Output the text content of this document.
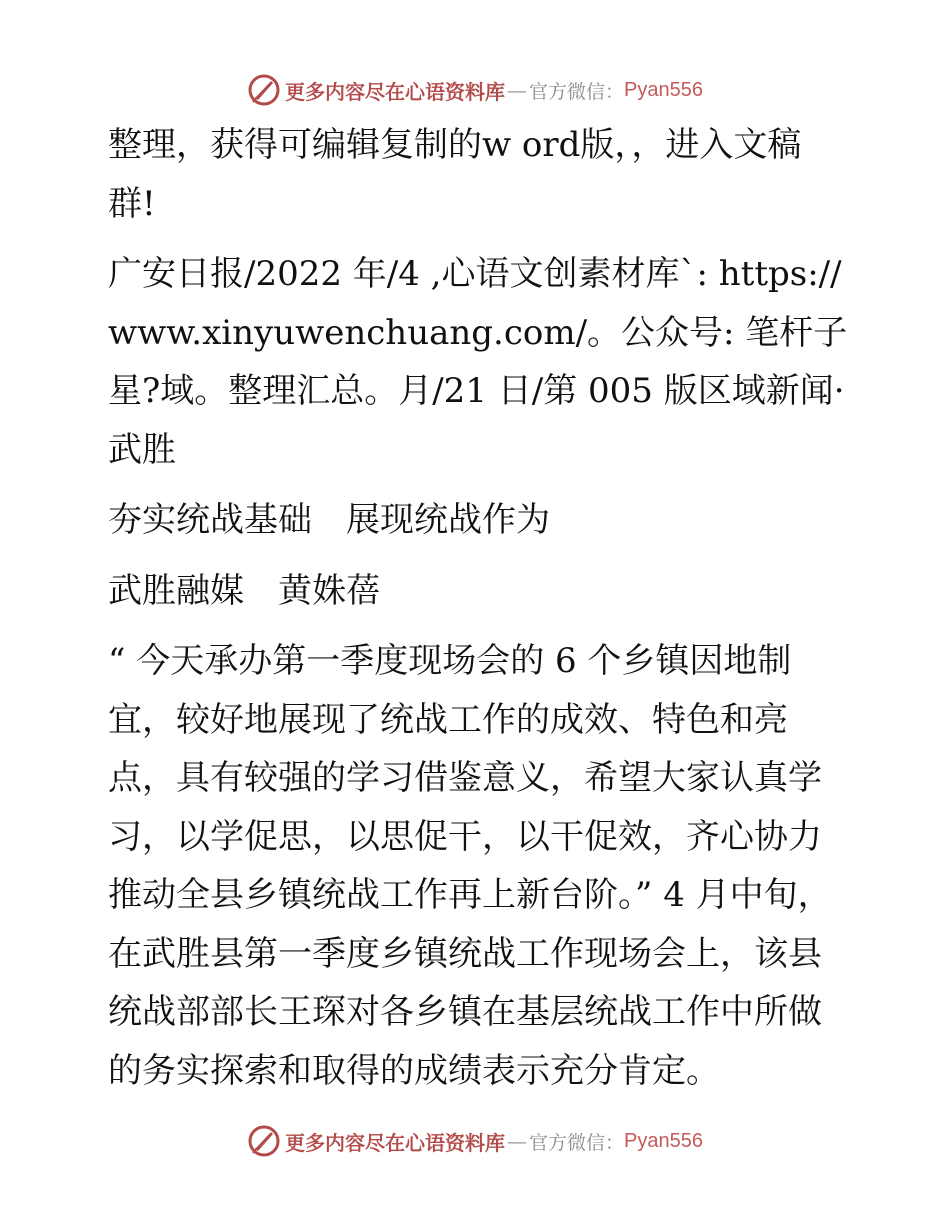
更多内容尽在心语资料库 — 官方微信： Pyan556

整理，获得可编辑复制的w ord版，，进入文稿群!

广安日报/2022 年/4 ,心语文创素材库`: https://www.xinyuwenchuang.com/。公众号: 笔杆子星?域。整理汇总。月/21 日/第 005 版区域新闻· 武胜

夯实统战基础　展现统战作为

武胜融媒　黄姝蓓

“ 今天承办第一季度现场会的 6 个乡镇因地制宜，较好地展现了统战工作的成效、特色和亮点，具有较强的学习借鉴意义，希望大家认真学习，以学促思，以思促干，以干促效，齐心协力推动全县乡镇统战工作再上新台阶。” 4 月中旬，在武胜县第一季度乡镇统战工作现场会上，该县统战部部长王琛对各乡镇在基层统战工作中所做的务实探索和取得的成绩表示充分肯定。

更多内容尽在心语资料库 — 官方微信： Pyan556
